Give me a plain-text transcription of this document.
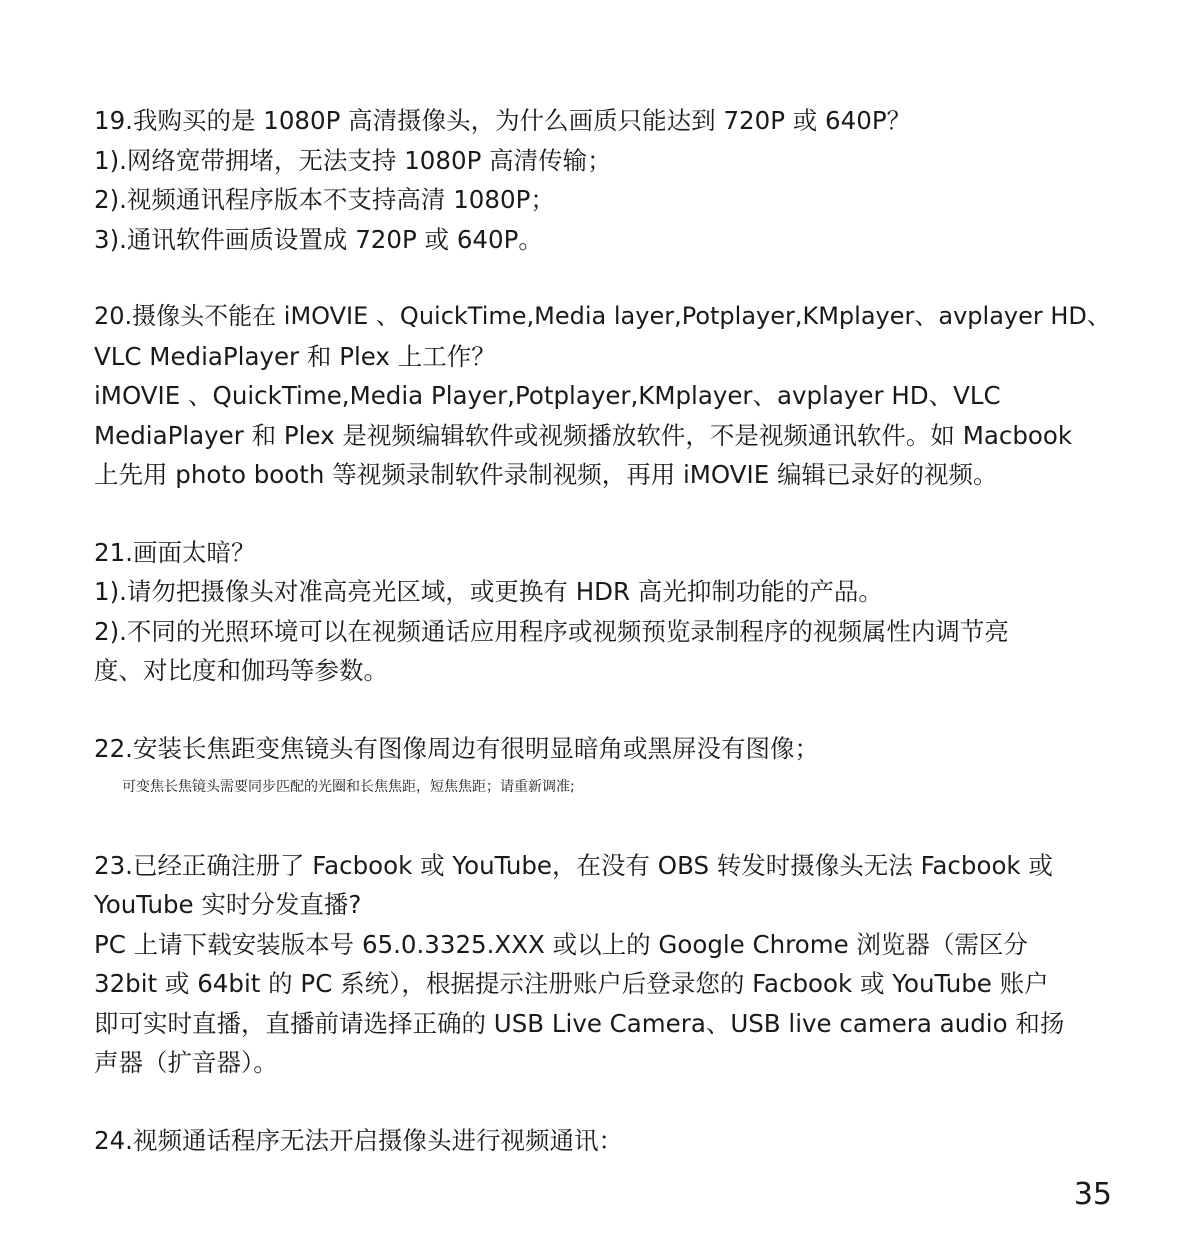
19.我购买的是 1080P 高清摄像头，为什么画质只能达到 720P 或 640P？
1).网络宽带拥堵，无法支持 1080P 高清传输；
2).视频通讯程序版本不支持高清 1080P；
3).通讯软件画质设置成 720P 或 640P。
20.摄像头不能在 iMOVIE 、QuickTime,Media layer,Potplayer,KMplayer、avplayer HD、
VLC MediaPlayer 和 Plex 上工作？
iMOVIE 、QuickTime,Media Player,Potplayer,KMplayer、avplayer HD、VLC
MediaPlayer 和 Plex 是视频编辑软件或视频播放软件，不是视频通讯软件。如 Macbook
上先用 photo booth 等视频录制软件录制视频，再用 iMOVIE 编辑已录好的视频。
21.画面太暗？
1).请勿把摄像头对准高亮光区域，或更换有 HDR 高光抑制功能的产品。
2).不同的光照环境可以在视频通话应用程序或视频预览录制程序的视频属性内调节亮
度、对比度和伽玛等参数。
22.安装长焦距变焦镜头有图像周边有很明显暗角或黑屏没有图像；
可变焦长焦镜头需要同步匹配的光圈和长焦焦距，短焦焦距；请重新调准;
23.已经正确注册了 Facbook 或 YouTube，在没有 OBS 转发时摄像头无法 Facbook 或
YouTube 实时分发直播?
PC 上请下载安装版本号 65.0.3325.XXX 或以上的 Google Chrome 浏览器（需区分
32bit 或 64bit 的 PC 系统），根据提示注册账户后登录您的 Facbook 或 YouTube 账户
即可实时直播，直播前请选择正确的 USB Live Camera、USB live camera audio 和扬
声器（扩音器）。
24.视频通话程序无法开启摄像头进行视频通讯：
35
